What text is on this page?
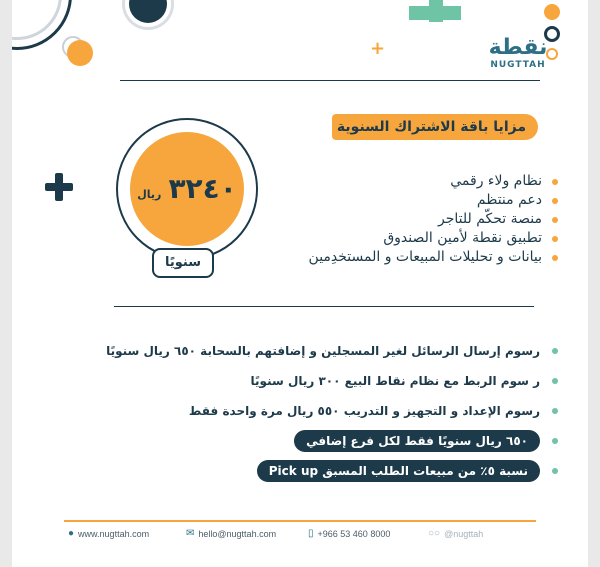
+	نقطة
NUGTTAH
مزايا باقة الاشتراك السنوية
٣٢٤٠ ريال
سنويًا
نظام ولاء رقمي
دعم منتظم
منصة تحكّم للتاجر
تطبيق نقطة لأمين الصندوق
بيانات و تحليلات المبيعات و المستخدِمين
رسوم إرسال الرسائل لغير المسجلين و إضافتهم بالسحابة ٦٥٠ ريال سنويًا
ر سوم الربط مع نظام نقاط البيع ٣٠٠ ريال سنويًا
رسوم الإعداد و التجهيز و التدريب ٥٥٠ ريال مرة واحدة فقط
٦٥٠ ريال سنويًا فقط لكل فرع إضافي
نسبة ٥٪ من مبيعات الطلب المسبق Pick up
● www.nugttah.com	✉ hello@nugttah.com	▯ +966 53 460 8000	○○ @nugttah
